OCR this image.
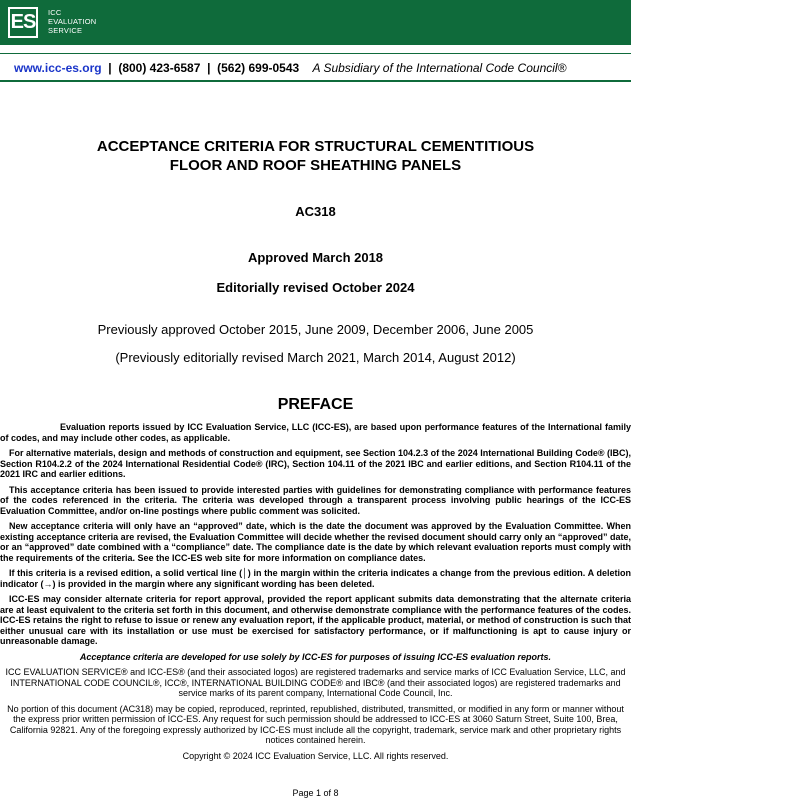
ES	ICC
EVALUATION
SERVICE
www.icc-es.org | (800) 423-6587 | (562) 699-0543 A Subsidiary of the International Code Council®
ACCEPTANCE CRITERIA FOR STRUCTURAL CEMENTITIOUS
FLOOR AND ROOF SHEATHING PANELS
AC318
Approved March 2018
Editorially revised October 2024
Previously approved October 2015, June 2009, December 2006, June 2005
(Previously editorially revised March 2021, March 2014, August 2012)
PREFACE

Evaluation reports issued by ICC Evaluation Service, LLC (ICC-ES), are based upon performance features of the International family of codes, and may include other codes, as applicable.

For alternative materials, design and methods of construction and equipment, see Section 104.2.3 of the 2024 International Building Code® (IBC), Section R104.2.2 of the 2024 International Residential Code® (IRC), Section 104.11 of the 2021 IBC and earlier editions, and Section R104.11 of the 2021 IRC and earlier editions.

This acceptance criteria has been issued to provide interested parties with guidelines for demonstrating compliance with performance features of the codes referenced in the criteria. The criteria was developed through a transparent process involving public hearings of the ICC-ES Evaluation Committee, and/or on-line postings where public comment was solicited.

New acceptance criteria will only have an “approved” date, which is the date the document was approved by the Evaluation Committee. When existing acceptance criteria are revised, the Evaluation Committee will decide whether the revised document should carry only an “approved” date, or an “approved” date combined with a “compliance” date. The compliance date is the date by which relevant evaluation reports must comply with the requirements of the criteria. See the ICC-ES web site for more information on compliance dates.

If this criteria is a revised edition, a solid vertical line (│) in the margin within the criteria indicates a change from the previous edition. A deletion indicator (→) is provided in the margin where any significant wording has been deleted.

ICC-ES may consider alternate criteria for report approval, provided the report applicant submits data demonstrating that the alternate criteria are at least equivalent to the criteria set forth in this document, and otherwise demonstrate compliance with the performance features of the codes. ICC-ES retains the right to refuse to issue or renew any evaluation report, if the applicable product, material, or method of construction is such that either unusual care with its installation or use must be exercised for satisfactory performance, or if malfunctioning is apt to cause injury or unreasonable damage.

Acceptance criteria are developed for use solely by ICC-ES for purposes of issuing ICC-ES evaluation reports.

ICC EVALUATION SERVICE® and ICC-ES® (and their associated logos) are registered trademarks and service marks of ICC Evaluation Service, LLC, and INTERNATIONAL CODE COUNCIL®, ICC®, INTERNATIONAL BUILDING CODE® and IBC® (and their associated logos) are registered trademarks and service marks of its parent company, International Code Council, Inc.

No portion of this document (AC318) may be copied, reproduced, reprinted, republished, distributed, transmitted, or modified in any form or manner without the express prior written permission of ICC-ES. Any request for such permission should be addressed to ICC-ES at 3060 Saturn Street, Suite 100, Brea, California 92821. Any of the foregoing expressly authorized by ICC-ES must include all the copyright, trademark, service mark and other proprietary rights notices contained herein.

Copyright © 2024 ICC Evaluation Service, LLC. All rights reserved.

Page 1 of 8
